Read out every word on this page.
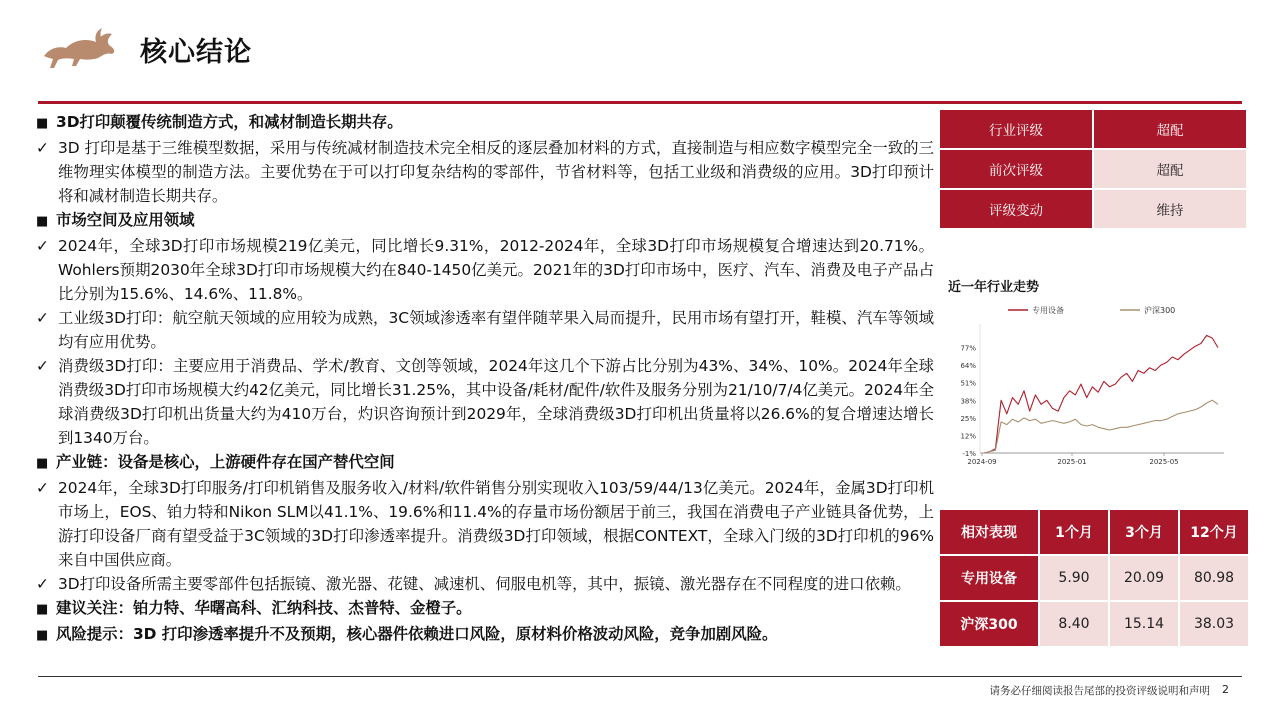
核心结论
■ 3D打印颠覆传统制造方式，和减材制造长期共存。
✓ 3D 打印是基于三维模型数据，采用与传统减材制造技术完全相反的逐层叠加材料的方式，直接制造与相应数字模型完全一致的三维物理实体模型的制造方法。主要优势在于可以打印复杂结构的零部件，节省材料等，包括工业级和消费级的应用。3D打印预计将和减材制造长期共存。
■ 市场空间及应用领域
✓ 2024年，全球3D打印市场规模219亿美元，同比增长9.31%，2012-2024年，全球3D打印市场规模复合增速达到20.71%。Wohlers预期2030年全球3D打印市场规模大约在840-1450亿美元。2021年的3D打印市场中，医疗、汽车、消费及电子产品占比分别为15.6%、14.6%、11.8%。
✓ 工业级3D打印：航空航天领域的应用较为成熟，3C领域渗透率有望伴随苹果入局而提升，民用市场有望打开，鞋模、汽车等领域均有应用优势。
✓ 消费级3D打印：主要应用于消费品、学术/教育、文创等领域，2024年这几个下游占比分别为43%、34%、10%。2024年全球消费级3D打印市场规模大约42亿美元，同比增长31.25%，其中设备/耗材/配件/软件及服务分别为21/10/7/4亿美元。2024年全球消费级3D打印机出货量大约为410万台，灼识咨询预计到2029年，全球消费级3D打印机出货量将以26.6%的复合增速达增长到1340万台。
■ 产业链：设备是核心，上游硬件存在国产替代空间
✓ 2024年，全球3D打印服务/打印机销售及服务收入/材料/软件销售分别实现收入103/59/44/13亿美元。2024年，金属3D打印机市场上，EOS、铂力特和Nikon SLM以41.1%、19.6%和11.4%的存量市场份额居于前三，我国在消费电子产业链具备优势，上游打印设备厂商有望受益于3C领域的3D打印渗透率提升。消费级3D打印领域，根据CONTEXT，全球入门级的3D打印机的96%来自中国供应商。
✓ 3D打印设备所需主要零部件包括振镜、激光器、花键、减速机、伺服电机等，其中，振镜、激光器存在不同程度的进口依赖。
■ 建议关注：铂力特、华曙高科、汇纳科技、杰普特、金橙子。
■ 风险提示：3D 打印渗透率提升不及预期，核心器件依赖进口风险，原材料价格波动风险，竞争加剧风险。
行业评级	超配
前次评级	超配
评级变动	维持
近一年行业走势
专用设备	沪深300
-1%
12%
25%
38%
51%
64%
77%
2024-09	2025-01	2025-05
相对表现	1个月	3个月	12个月
专用设备	5.90	20.09	80.98
沪深300	8.40	15.14	38.03
请务必仔细阅读报告尾部的投资评级说明和声明 2
